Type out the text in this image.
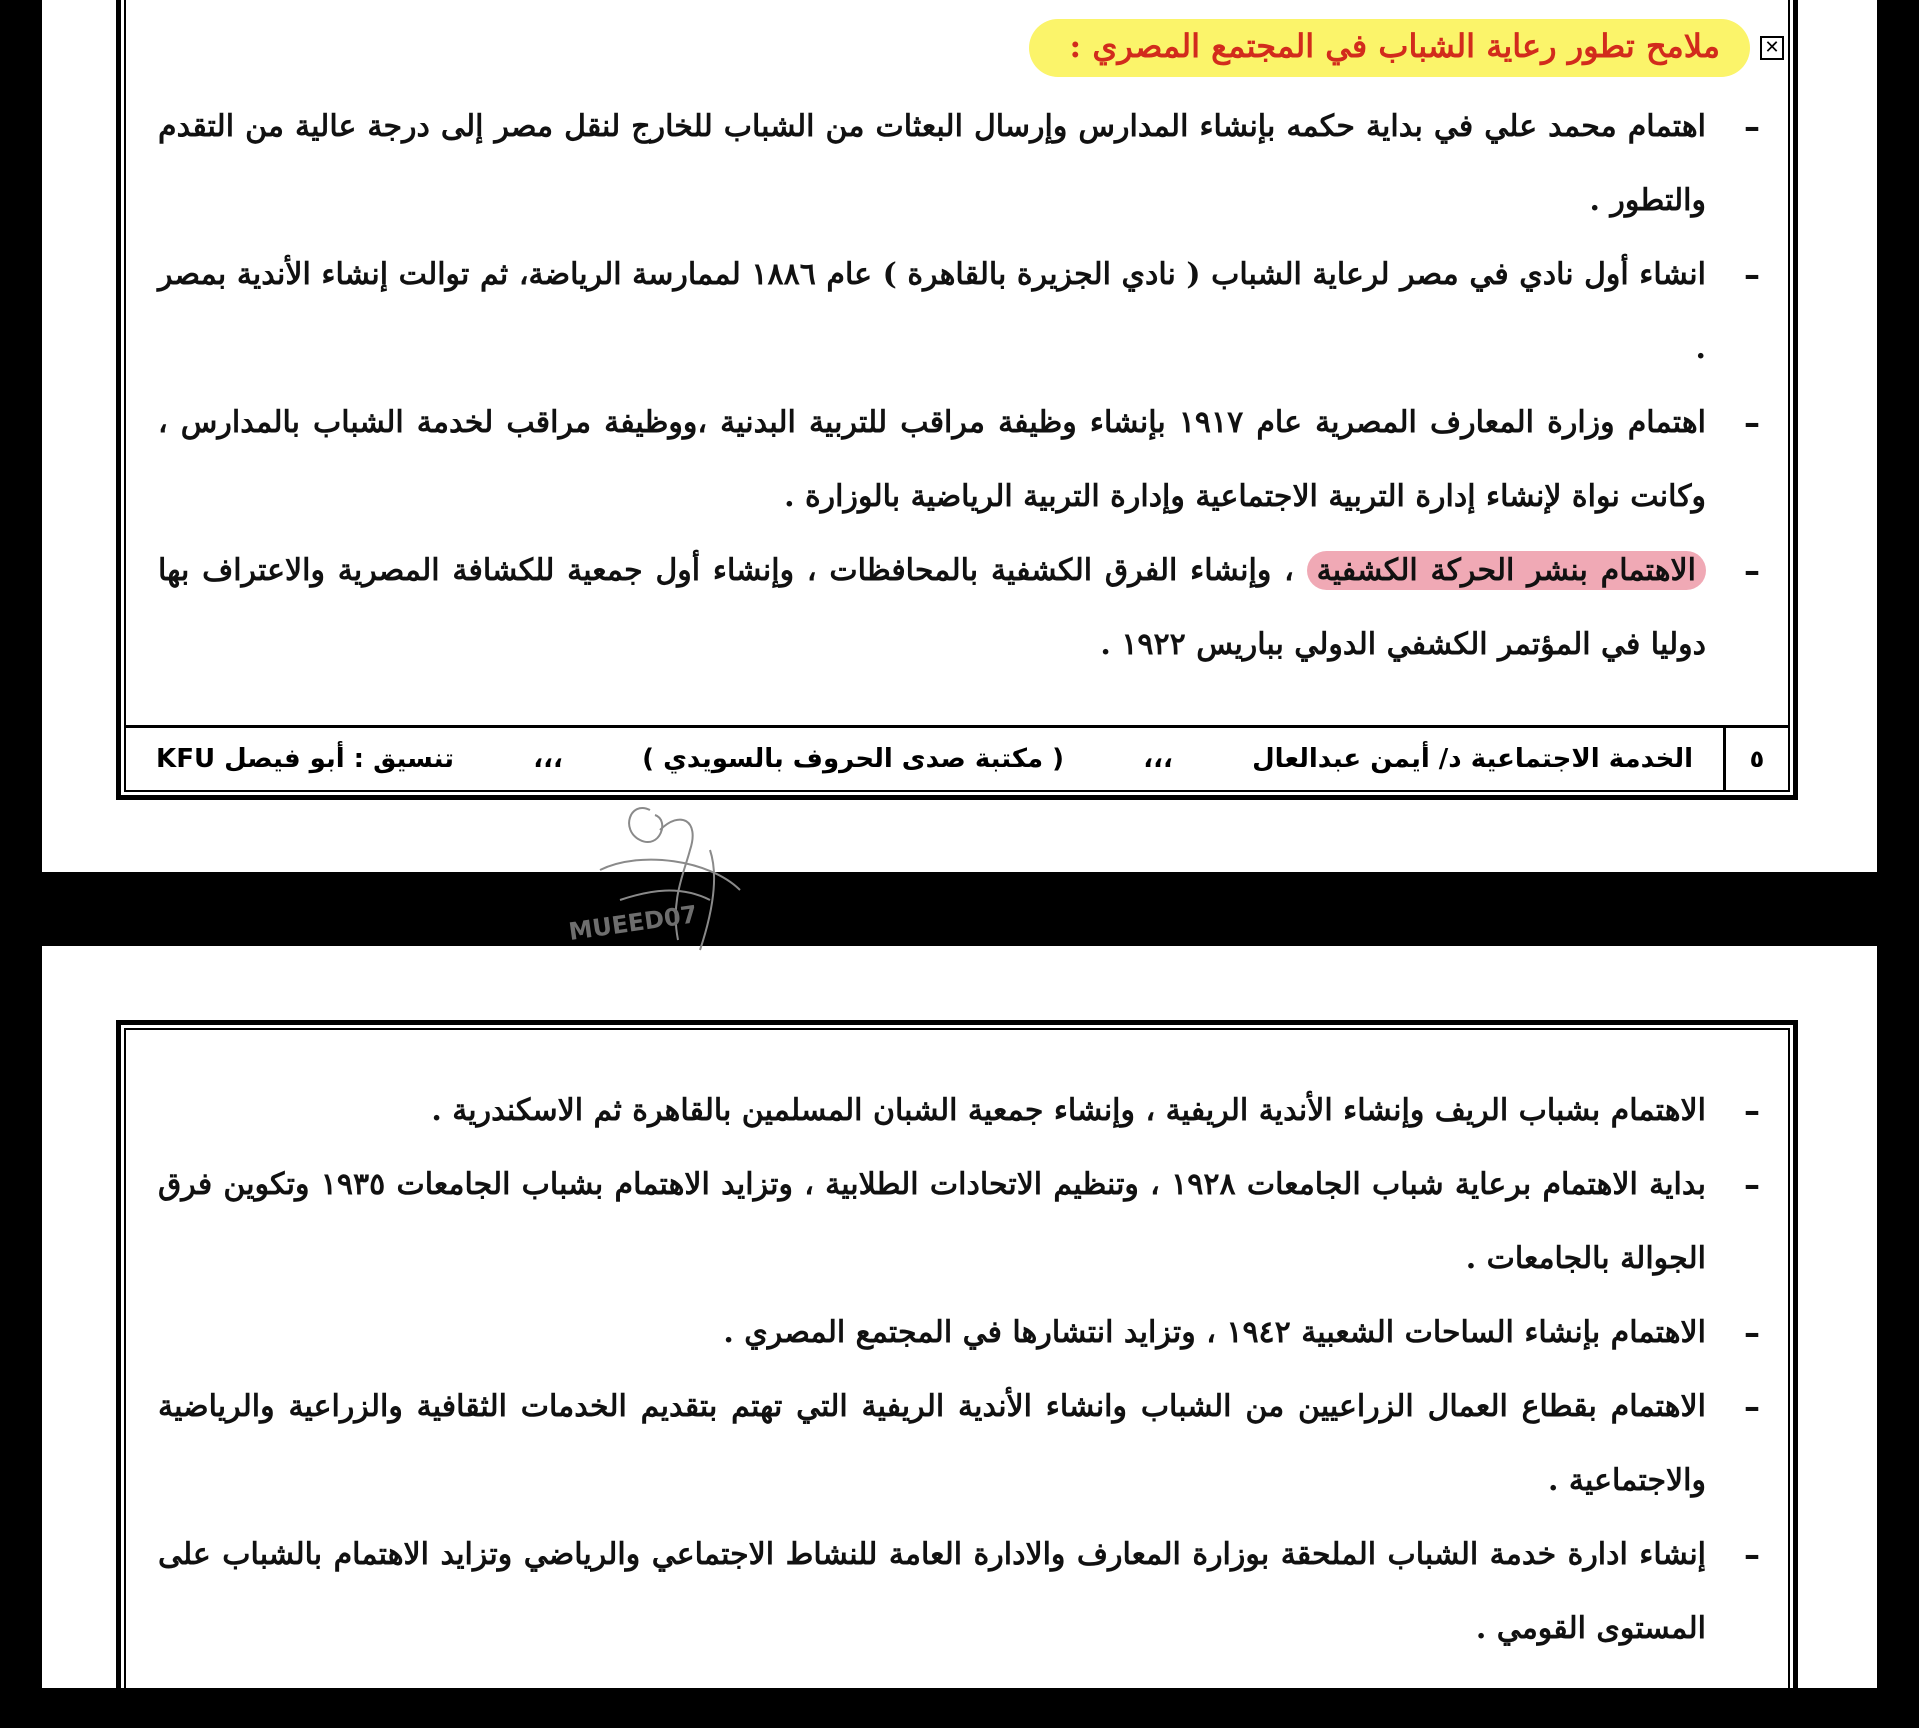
✕
ملامح تطور رعاية الشباب في المجتمع المصري :
–
اهتمام محمد علي في بداية حكمه بإنشاء المدارس وإرسال البعثات من الشباب للخارج لنقل مصر إلى درجة عالية من التقدم والتطور .
–
انشاء أول نادي في مصر لرعاية الشباب ( نادي الجزيرة بالقاهرة ) عام ١٨٨٦ لممارسة الرياضة، ثم توالت إنشاء الأندية بمصر .
–
اهتمام وزارة المعارف المصرية عام ١٩١٧ بإنشاء وظيفة مراقب للتربية البدنية ،ووظيفة مراقب لخدمة الشباب بالمدارس ، وكانت نواة لإنشاء إدارة التربية الاجتماعية وإدارة التربية الرياضية بالوزارة .
–
الاهتمام بنشر الحركة الكشفية ، وإنشاء الفرق الكشفية بالمحافظات ، وإنشاء أول جمعية للكشافة المصرية والاعتراف بها دوليا في المؤتمر الكشفي الدولي بباريس ١٩٢٢ .
٥
الخدمة الاجتماعية د/ أيمن عبدالعال
،،،
( مكتبة صدى الحروف بالسويدي )
،،،
تنسيق : أبو فيصل KFU
–
الاهتمام بشباب الريف وإنشاء الأندية الريفية ، وإنشاء جمعية الشبان المسلمين بالقاهرة ثم الاسكندرية .
–
بداية الاهتمام برعاية شباب الجامعات ١٩٢٨ ، وتنظيم الاتحادات الطلابية ، وتزايد الاهتمام بشباب الجامعات ١٩٣٥ وتكوين فرق الجوالة بالجامعات .
–
الاهتمام بإنشاء الساحات الشعبية ١٩٤٢ ، وتزايد انتشارها في المجتمع المصري .
–
الاهتمام بقطاع العمال الزراعيين من الشباب وانشاء الأندية الريفية التي تهتم بتقديم الخدمات الثقافية والزراعية والرياضية والاجتماعية .
–
إنشاء ادارة خدمة الشباب الملحقة بوزارة المعارف والادارة العامة للنشاط الاجتماعي والرياضي وتزايد الاهتمام بالشباب على المستوى القومي .
✕
MUEED07
